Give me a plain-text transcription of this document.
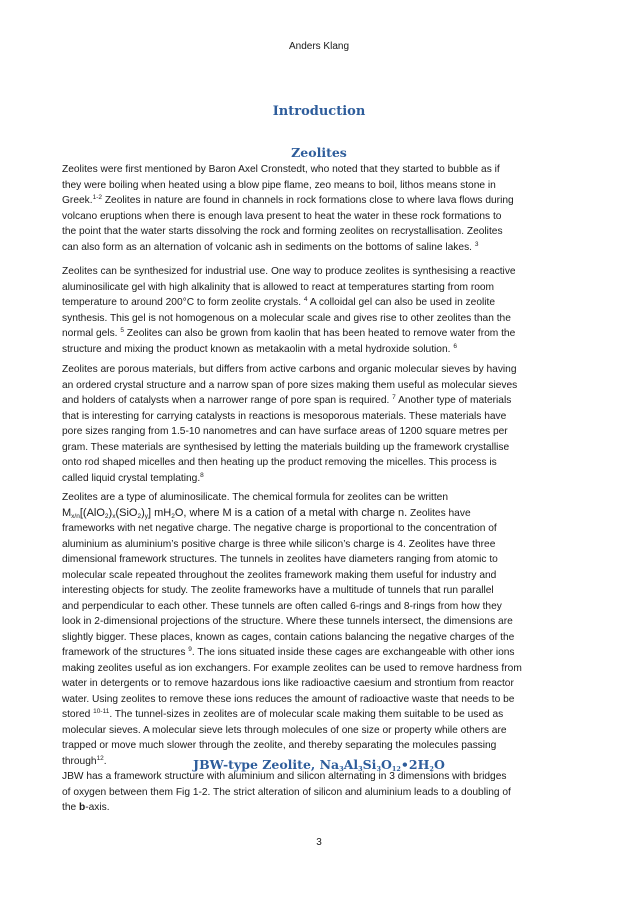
Anders Klang
Introduction
Zeolites

Zeolites were first mentioned by Baron Axel Cronstedt, who noted that they started to bubble as if

they were boiling when heated using a blow pipe flame, zeo means to boil, lithos means stone in

Greek.$^{1-2}$ Zeolites in nature are found in channels in rock formations close to where lava flows during

volcano eruptions when there is enough lava present to heat the water in these rock formations to

the point that the water starts dissolving the rock and forming zeolites on recrystallisation. Zeolites

can also form as an alternation of volcanic ash in sediments on the bottoms of saline lakes. $^3$

Zeolites can be synthesized for industrial use. One way to produce zeolites is synthesising a reactive

aluminosilicate gel with high alkalinity that is allowed to react at temperatures starting from room

temperature to around 200°C to form zeolite crystals. $^4$ A colloidal gel can also be used in zeolite

synthesis. This gel is not homogenous on a molecular scale and gives rise to other zeolites than the

normal gels. $^5$ Zeolites can also be grown from kaolin that has been heated to remove water from the

structure and mixing the product known as metakaolin with a metal hydroxide solution. $^6$

Zeolites are porous materials, but differs from active carbons and organic molecular sieves by having

an ordered crystal structure and a narrow span of pore sizes making them useful as molecular sieves

and holders of catalysts when a narrower range of pore span is required. $^7$ Another type of materials

that is interesting for carrying catalysts in reactions is mesoporous materials. These materials have

pore sizes ranging from 1.5-10 nanometres and can have surface areas of 1200 square metres per

gram. These materials are synthesised by letting the materials building up the framework crystallise

onto rod shaped micelles and then heating up the product removing the micelles. This process is

called liquid crystal templating.$^8$

Zeolites are a type of aluminosilicate. The chemical formula for zeolites can be written

$M_{x/n}[(AlO_2)_x(SiO_2)_y]$ $mH_2O$, where M is a cation of a metal with charge n. Zeolites have

frameworks with net negative charge. The negative charge is proportional to the concentration of

aluminium as aluminium’s positive charge is three while silicon’s charge is 4. Zeolites have three

dimensional framework structures. The tunnels in zeolites have diameters ranging from atomic to

molecular scale repeated throughout the zeolites framework making them useful for industry and

interesting objects for study. The zeolite frameworks have a multitude of tunnels that run parallel

and perpendicular to each other. These tunnels are often called 6-rings and 8-rings from how they

look in 2-dimensional projections of the structure. Where these tunnels intersect, the dimensions are

slightly bigger. These places, known as cages, contain cations balancing the negative charges of the

framework of the structures $^9$. The ions situated inside these cages are exchangeable with other ions

making zeolites useful as ion exchangers. For example zeolites can be used to remove hardness from

water in detergents or to remove hazardous ions like radioactive caesium and strontium from reactor

water. Using zeolites to remove these ions reduces the amount of radioactive waste that needs to be

stored $^{10-11}$. The tunnel-sizes in zeolites are of molecular scale making them suitable to be used as

molecular sieves. A molecular sieve lets through molecules of one size or property while others are

trapped or move much slower through the zeolite, and thereby separating the molecules passing

through$^{12}$.	JBW-type Zeolite, $Na_3Al_3Si_3O_{12}•2H_2O$

JBW has a framework structure with aluminium and silicon alternating in 3 dimensions with bridges

of oxygen between them Fig 1-2. The strict alteration of silicon and aluminium leads to a doubling of

the b-axis.

3
